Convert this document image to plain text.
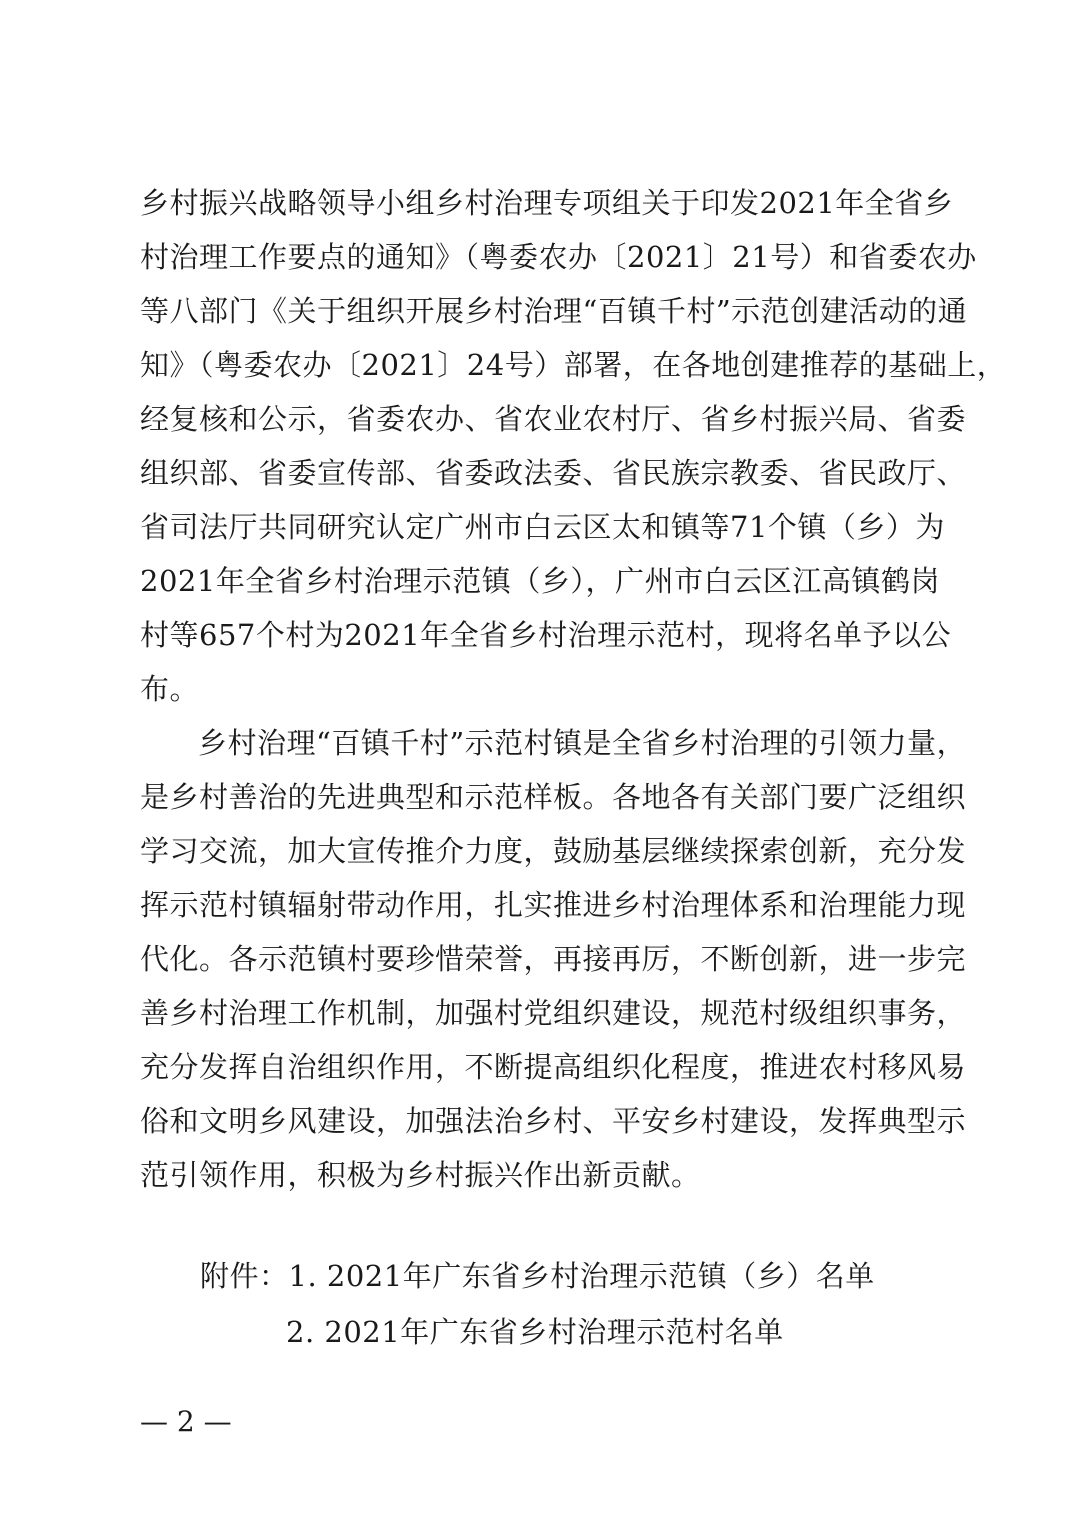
乡村振兴战略领导小组乡村治理专项组关于印发2021年全省乡
村治理工作要点的通知》（粤委农办〔2021〕21号）和省委农办
等八部门《关于组织开展乡村治理“百镇千村”示范创建活动的通
知》（粤委农办〔2021〕24号）部署，在各地创建推荐的基础上，
经复核和公示，省委农办、省农业农村厅、省乡村振兴局、省委
组织部、省委宣传部、省委政法委、省民族宗教委、省民政厅、
省司法厅共同研究认定广州市白云区太和镇等71个镇（乡）为
2021年全省乡村治理示范镇（乡），广州市白云区江高镇鹤岗
村等657个村为2021年全省乡村治理示范村，现将名单予以公
布。
乡村治理“百镇千村”示范村镇是全省乡村治理的引领力量，
是乡村善治的先进典型和示范样板。各地各有关部门要广泛组织
学习交流，加大宣传推介力度，鼓励基层继续探索创新，充分发
挥示范村镇辐射带动作用，扎实推进乡村治理体系和治理能力现
代化。各示范镇村要珍惜荣誉，再接再厉，不断创新，进一步完
善乡村治理工作机制，加强村党组织建设，规范村级组织事务，
充分发挥自治组织作用，不断提高组织化程度，推进农村移风易
俗和文明乡风建设，加强法治乡村、平安乡村建设，发挥典型示
范引领作用，积极为乡村振兴作出新贡献。
附件：1. 2021年广东省乡村治理示范镇（乡）名单
2. 2021年广东省乡村治理示范村名单
— 2 —
